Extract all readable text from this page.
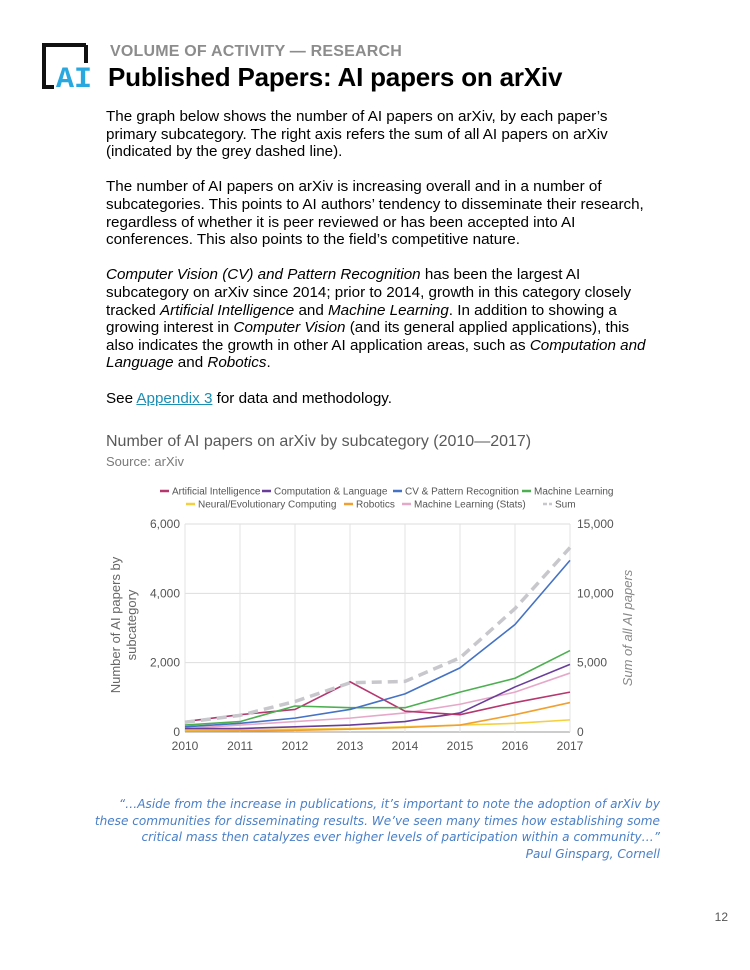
AI
VOLUME OF ACTIVITY — RESEARCH
Published Papers: AI papers on arXiv

The graph below shows the number of AI papers on arXiv, by each paper’s primary subcategory. The right axis refers the sum of all AI papers on arXiv (indicated by the grey dashed line).

The number of AI papers on arXiv is increasing overall and in a number of subcategories. This points to AI authors’ tendency to disseminate their research, regardless of whether it is peer reviewed or has been accepted into AI conferences. This also points to the field’s competitive nature.

Computer Vision (CV) and Pattern Recognition has been the largest AI subcategory on arXiv since 2014; prior to 2014, growth in this category closely tracked Artificial Intelligence and Machine Learning. In addition to showing a growing interest in Computer Vision (and its general applied applications), this also indicates the growth in other AI application areas, such as Computation and Language and Robotics.

See Appendix 3 for data and methodology.

Number of AI papers on arXiv by subcategory (2010—2017)
Source: arXiv
Artificial Intelligence Computation & Language CV & Pattern Recognition Machine Learning
Neural/Evolutionary Computing Robotics Machine Learning (Stats)	Sum
0
2,000
4,000
6,000
0
5,000
10,000
15,000
2010 2011 2012 2013 2014 2015 2016 2017
Number of AI papers bysubcategory	Sum of all AI papers
“…Aside from the increase in publications, it’s important to note the adoption of arXiv by these communities for disseminating results. We’ve seen many times how establishing some critical mass then catalyzes ever higher levels of participation within a community…”
Paul Ginsparg, Cornell
12
